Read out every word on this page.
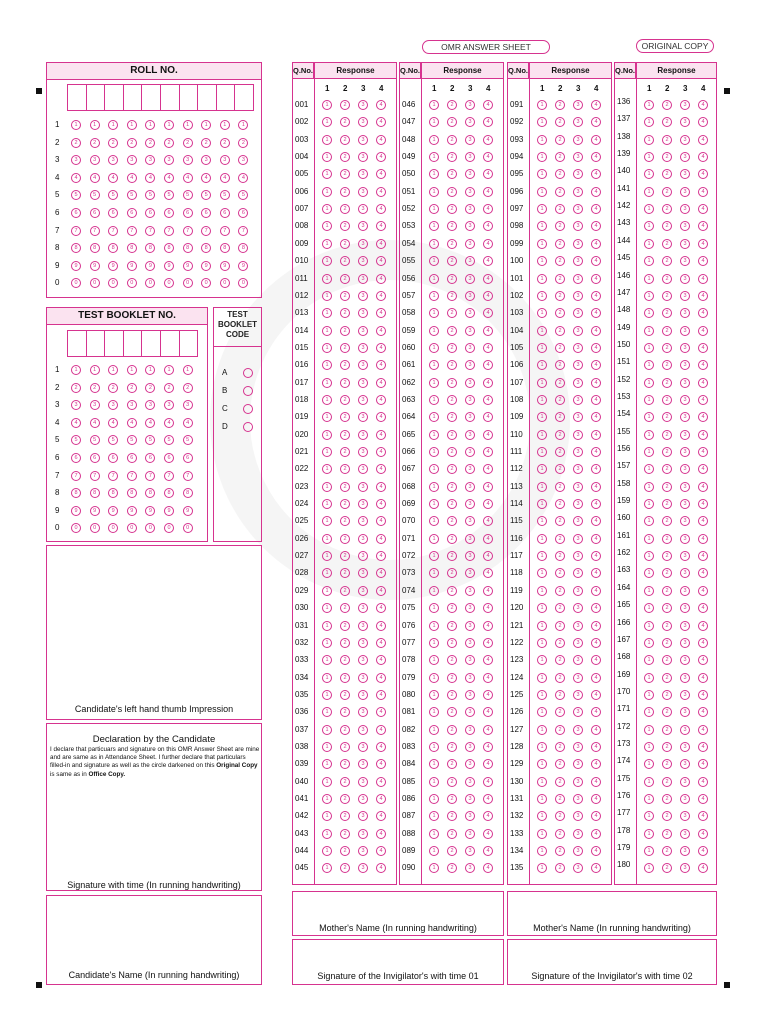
OMR ANSWER SHEET	ORIGINAL COPY
ROLL NO.
1	1	1	1	1	1	1	1	1	1	1
2	2	2	2	2	2	2	2	2	2	2
3	3	3	3	3	3	3	3	3	3	3
4	4	4	4	4	4	4	4	4	4	4
5	5	5	5	5	5	5	5	5	5	5
6	6	6	6	6	6	6	6	6	6	6
7	7	7	7	7	7	7	7	7	7	7
8	8	8	8	8	8	8	8	8	8	8
9	9	9	9	9	9	9	9	9	9	9
0	0	0	0	0	0	0	0	0	0	0
TEST BOOKLET NO.
1	1	1	1	1	1	1	1
2	2	2	2	2	2	2	2
3	3	3	3	3	3	3	3
4	4	4	4	4	4	4	4
5	5	5	5	5	5	5	5
6	6	6	6	6	6	6	6
7	7	7	7	7	7	7	7
8	8	8	8	8	8	8	8
9	9	9	9	9	9	9	9
0	0	0	0	0	0	0	0
TEST
BOOKLET
CODE
A
B
C
D
Candidate's left hand thumb Impression
Declaration by the Candidate
I declare that particuars and signature on this OMR Answer Sheet are mine and are same as in Attendance Sheet. I further declare that particulars filled-in and signature as well as the circle darkened on this Original Copy is same as in Office Copy.
Signature with time (In running handwriting)
Candidate's Name (In running handwriting)
Q.No.	Response
1 2 3 4
001	1	2	3	4
002	1	2	3	4
003	1	2	3	4
004	1	2	3	4
005	1	2	3	4
006	1	2	3	4
007	1	2	3	4
008	1	2	3	4
009	1	2	3	4
010	1	2	3	4
011	1	2	3	4
012	1	2	3	4
013	1	2	3	4
014	1	2	3	4
015	1	2	3	4
016	1	2	3	4
017	1	2	3	4
018	1	2	3	4
019	1	2	3	4
020	1	2	3	4
021	1	2	3	4
022	1	2	3	4
023	1	2	3	4
024	1	2	3	4
025	1	2	3	4
026	1	2	3	4
027	1	2	3	4
028	1	2	3	4
029	1	2	3	4
030	1	2	3	4
031	1	2	3	4
032	1	2	3	4
033	1	2	3	4
034	1	2	3	4
035	1	2	3	4
036	1	2	3	4
037	1	2	3	4
038	1	2	3	4
039	1	2	3	4
040	1	2	3	4
041	1	2	3	4
042	1	2	3	4
043	1	2	3	4
044	1	2	3	4
045	1	2	3	4
Q.No.	Response
1 2 3 4
046	1	2	3	4
047	1	2	3	4
048	1	2	3	4
049	1	2	3	4
050	1	2	3	4
051	1	2	3	4
052	1	2	3	4
053	1	2	3	4
054	1	2	3	4
055	1	2	3	4
056	1	2	3	4
057	1	2	3	4
058	1	2	3	4
059	1	2	3	4
060	1	2	3	4
061	1	2	3	4
062	1	2	3	4
063	1	2	3	4
064	1	2	3	4
065	1	2	3	4
066	1	2	3	4
067	1	2	3	4
068	1	2	3	4
069	1	2	3	4
070	1	2	3	4
071	1	2	3	4
072	1	2	3	4
073	1	2	3	4
074	1	2	3	4
075	1	2	3	4
076	1	2	3	4
077	1	2	3	4
078	1	2	3	4
079	1	2	3	4
080	1	2	3	4
081	1	2	3	4
082	1	2	3	4
083	1	2	3	4
084	1	2	3	4
085	1	2	3	4
086	1	2	3	4
087	1	2	3	4
088	1	2	3	4
089	1	2	3	4
090	1	2	3	4
Q.No.	Response
1 2 3 4
091	1	2	3	4
092	1	2	3	4
093	1	2	3	4
094	1	2	3	4
095	1	2	3	4
096	1	2	3	4
097	1	2	3	4
098	1	2	3	4
099	1	2	3	4
100	1	2	3	4
101	1	2	3	4
102	1	2	3	4
103	1	2	3	4
104	1	2	3	4
105	1	2	3	4
106	1	2	3	4
107	1	2	3	4
108	1	2	3	4
109	1	2	3	4
110	1	2	3	4
111	1	2	3	4
112	1	2	3	4
113	1	2	3	4
114	1	2	3	4
115	1	2	3	4
116	1	2	3	4
117	1	2	3	4
118	1	2	3	4
119	1	2	3	4
120	1	2	3	4
121	1	2	3	4
122	1	2	3	4
123	1	2	3	4
124	1	2	3	4
125	1	2	3	4
126	1	2	3	4
127	1	2	3	4
128	1	2	3	4
129	1	2	3	4
130	1	2	3	4
131	1	2	3	4
132	1	2	3	4
133	1	2	3	4
134	1	2	3	4
135	1	2	3	4
Q.No.	Response
1 2 3 4
136	1	2	3	4
137	1	2	3	4
138	1	2	3	4
139	1	2	3	4
140	1	2	3	4
141	1	2	3	4
142	1	2	3	4
143	1	2	3	4
144	1	2	3	4
145	1	2	3	4
146	1	2	3	4
147	1	2	3	4
148	1	2	3	4
149	1	2	3	4
150	1	2	3	4
151	1	2	3	4
152	1	2	3	4
153	1	2	3	4
154	1	2	3	4
155	1	2	3	4
156	1	2	3	4
157	1	2	3	4
158	1	2	3	4
159	1	2	3	4
160	1	2	3	4
161	1	2	3	4
162	1	2	3	4
163	1	2	3	4
164	1	2	3	4
165	1	2	3	4
166	1	2	3	4
167	1	2	3	4
168	1	2	3	4
169	1	2	3	4
170	1	2	3	4
171	1	2	3	4
172	1	2	3	4
173	1	2	3	4
174	1	2	3	4
175	1	2	3	4
176	1	2	3	4
177	1	2	3	4
178	1	2	3	4
179	1	2	3	4
180	1	2	3	4
Mother's Name (In running handwriting)	Mother's Name (In running handwriting)
Signature of the Invigilator's with time 01	Signature of the Invigilator's with time 02
